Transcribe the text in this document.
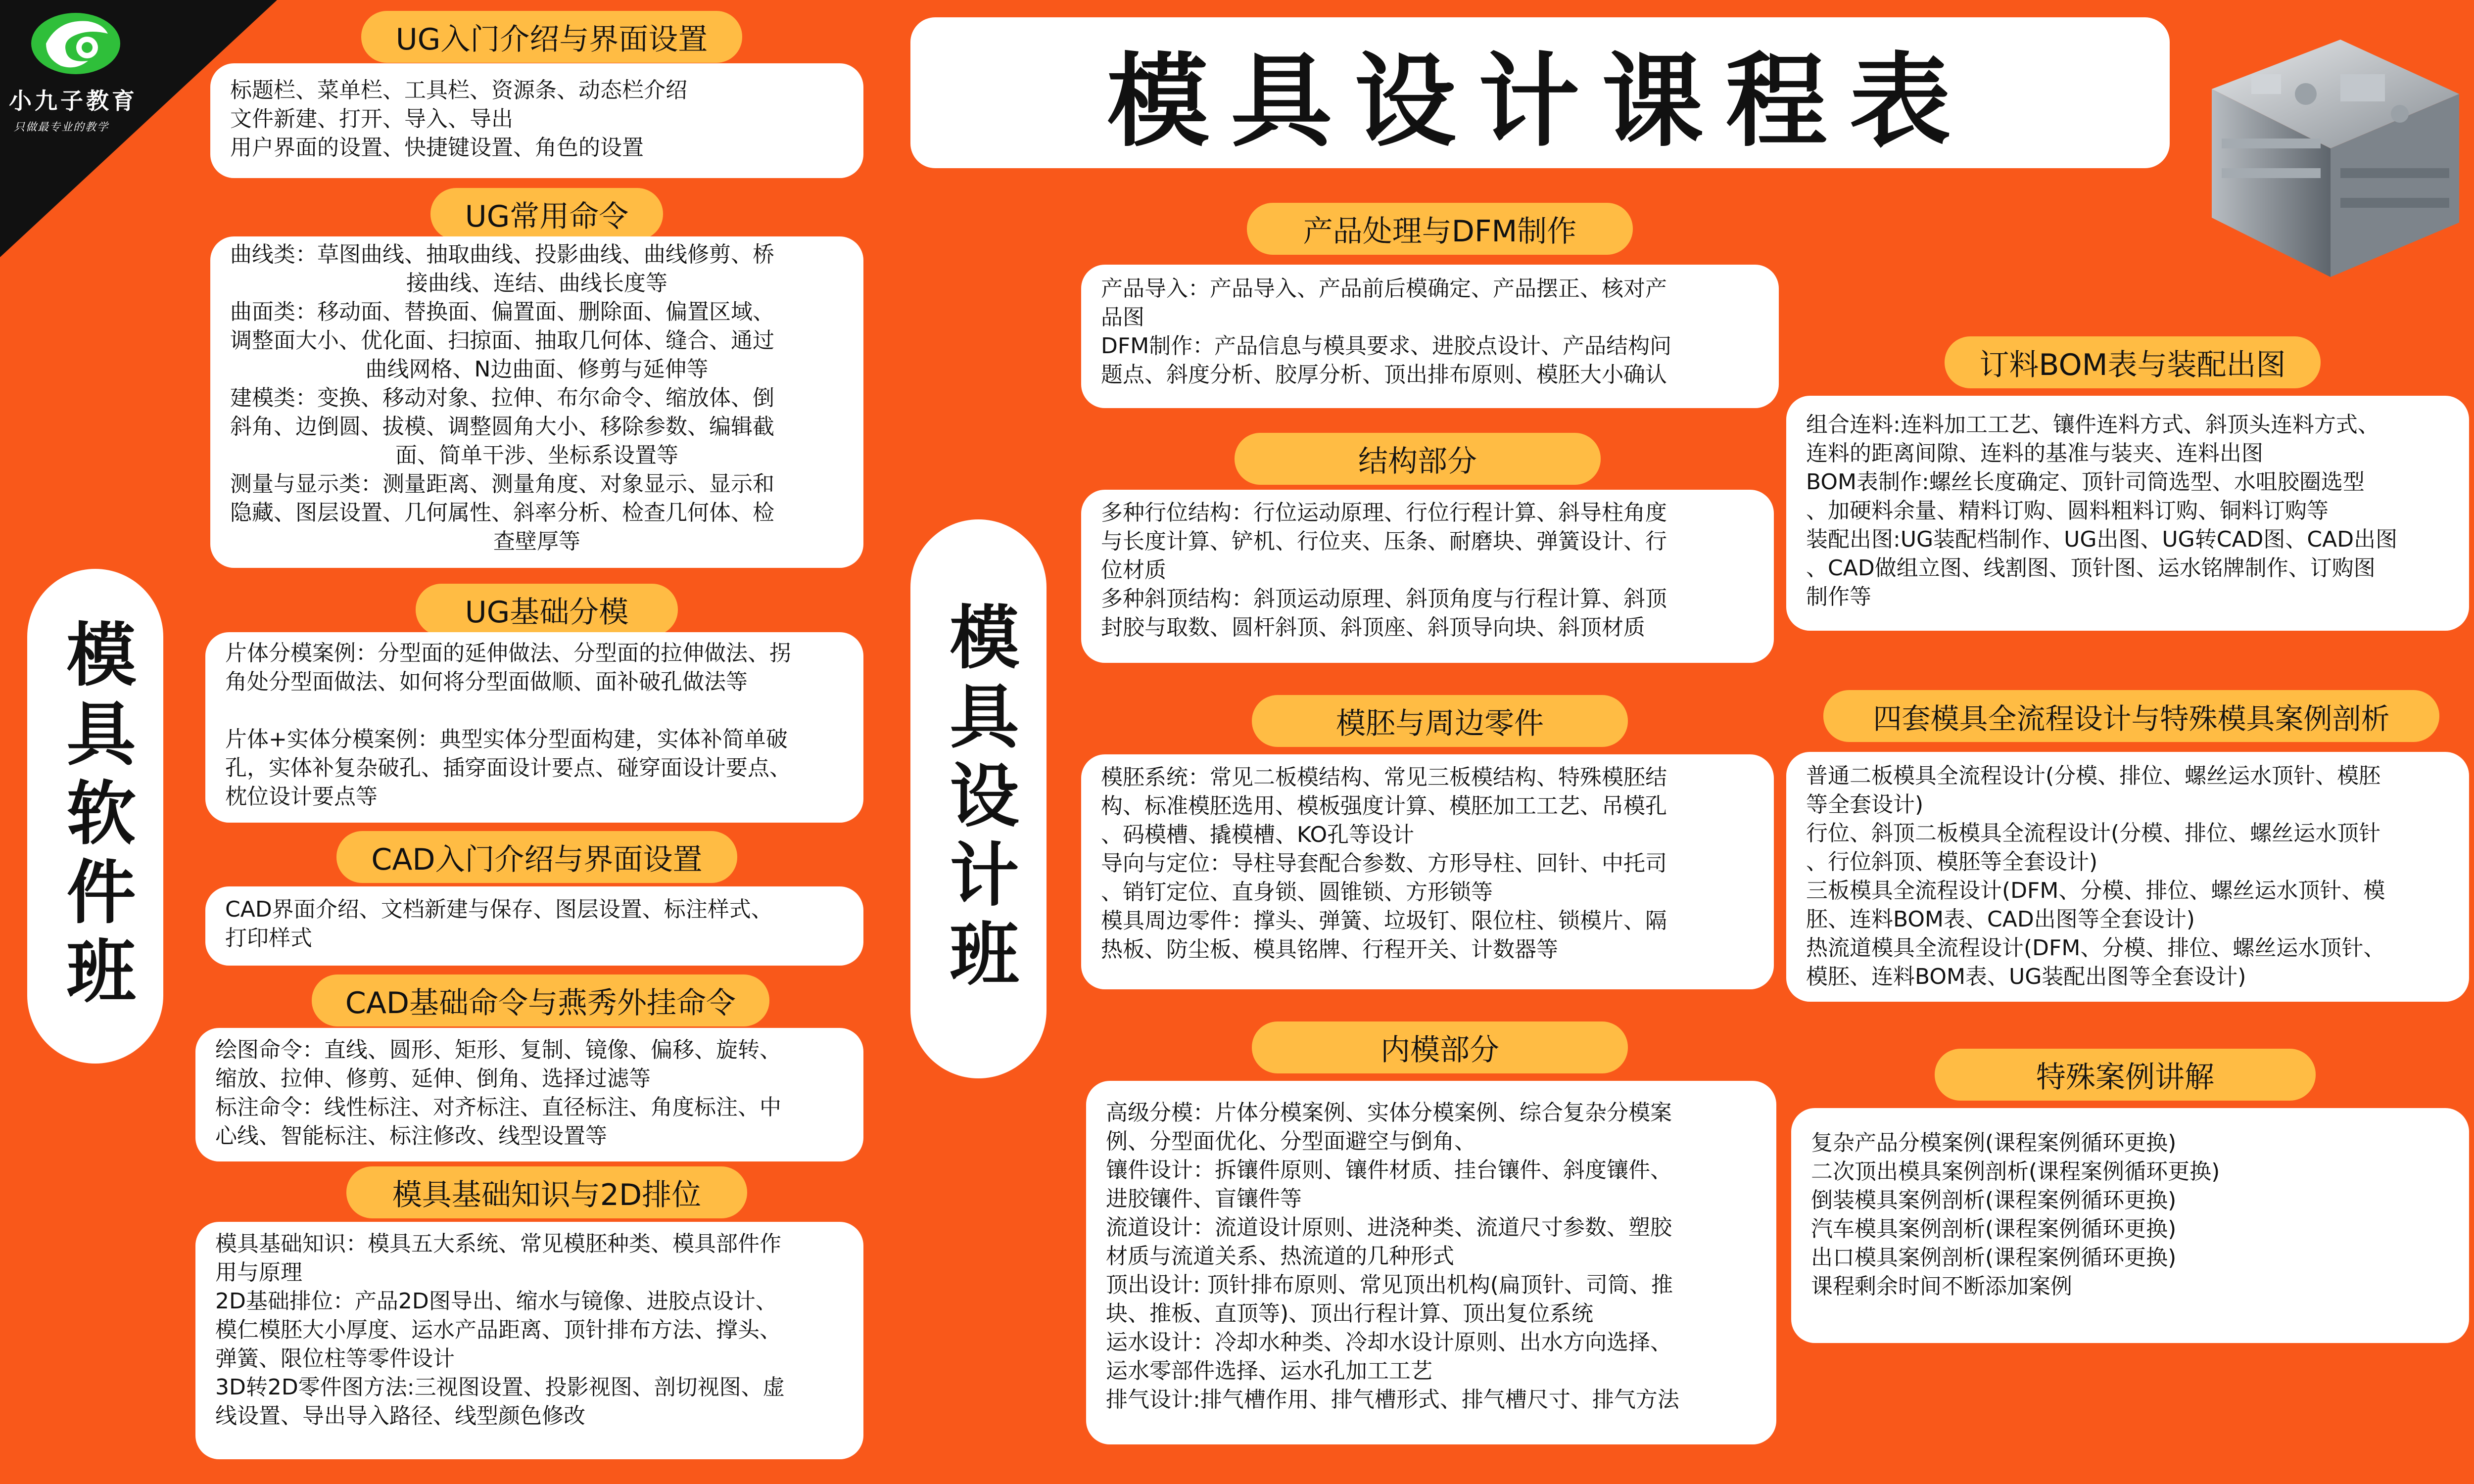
小九子教育
只做最专业的教学	模具设计课程表
模具软件班	模具设计班
UG入门介绍与界面设置
标题栏、菜单栏、工具栏、资源条、动态栏介绍
文件新建、打开、导入、导出
用户界面的设置、快捷键设置、角色的设置
UG常用命令
曲线类：草图曲线、抽取曲线、投影曲线、曲线修剪、桥
接曲线、连结、曲线长度等
曲面类：移动面、替换面、偏置面、删除面、偏置区域、
调整面大小、优化面、扫掠面、抽取几何体、缝合、通过
曲线网格、N边曲面、修剪与延伸等
建模类：变换、移动对象、拉伸、布尔命令、缩放体、倒
斜角、边倒圆、拔模、调整圆角大小、移除参数、编辑截
面、简单干涉、坐标系设置等
测量与显示类：测量距离、测量角度、对象显示、显示和
隐藏、图层设置、几何属性、斜率分析、检查几何体、检
查壁厚等
UG基础分模
片体分模案例：分型面的延伸做法、分型面的拉伸做法、拐
角处分型面做法、如何将分型面做顺、面补破孔做法等
片体+实体分模案例：典型实体分型面构建，实体补简单破
孔，实体补复杂破孔、插穿面设计要点、碰穿面设计要点、
枕位设计要点等
CAD入门介绍与界面设置
CAD界面介绍、文档新建与保存、图层设置、标注样式、
打印样式
CAD基础命令与燕秀外挂命令
绘图命令：直线、圆形、矩形、复制、镜像、偏移、旋转、
缩放、拉伸、修剪、延伸、倒角、选择过滤等
标注命令：线性标注、对齐标注、直径标注、角度标注、中
心线、智能标注、标注修改、线型设置等
模具基础知识与2D排位
模具基础知识：模具五大系统、常见模胚种类、模具部件作
用与原理
2D基础排位：产品2D图导出、缩水与镜像、进胶点设计、
模仁模胚大小厚度、运水产品距离、顶针排布方法、撑头、
弹簧、限位柱等零件设计
3D转2D零件图方法:三视图设置、投影视图、剖切视图、虚
线设置、导出导入路径、线型颜色修改
产品处理与DFM制作
产品导入：产品导入、产品前后模确定、产品摆正、核对产
品图
DFM制作：产品信息与模具要求、进胶点设计、产品结构问
题点、斜度分析、胶厚分析、顶出排布原则、模胚大小确认
结构部分
多种行位结构：行位运动原理、行位行程计算、斜导柱角度
与长度计算、铲机、行位夹、压条、耐磨块、弹簧设计、行
位材质
多种斜顶结构：斜顶运动原理、斜顶角度与行程计算、斜顶
封胶与取数、圆杆斜顶、斜顶座、斜顶导向块、斜顶材质
模胚与周边零件
模胚系统：常见二板模结构、常见三板模结构、特殊模胚结
构、标准模胚选用、模板强度计算、模胚加工工艺、吊模孔
、码模槽、撬模槽、KO孔等设计
导向与定位：导柱导套配合参数、方形导柱、回针、中托司
、销钉定位、直身锁、圆锥锁、方形锁等
模具周边零件：撑头、弹簧、垃圾钉、限位柱、锁模片、隔
热板、防尘板、模具铭牌、行程开关、计数器等
内模部分
高级分模：片体分模案例、实体分模案例、综合复杂分模案
例、分型面优化、分型面避空与倒角、
镶件设计：拆镶件原则、镶件材质、挂台镶件、斜度镶件、
进胶镶件、盲镶件等
流道设计：流道设计原则、进浇种类、流道尺寸参数、塑胶
材质与流道关系、热流道的几种形式
顶出设计: 顶针排布原则、常见顶出机构(扁顶针、司筒、推
块、推板、直顶等)、顶出行程计算、顶出复位系统
运水设计：冷却水种类、冷却水设计原则、出水方向选择、
运水零部件选择、运水孔加工工艺
排气设计:排气槽作用、排气槽形式、排气槽尺寸、排气方法
订料BOM表与装配出图
组合连料:连料加工工艺、镶件连料方式、斜顶头连料方式、
连料的距离间隙、连料的基准与装夹、连料出图
BOM表制作:螺丝长度确定、顶针司筒选型、水咀胶圈选型
、加硬料余量、精料订购、圆料粗料订购、铜料订购等
装配出图:UG装配档制作、UG出图、UG转CAD图、CAD出图
、CAD做组立图、线割图、顶针图、运水铭牌制作、订购图
制作等
四套模具全流程设计与特殊模具案例剖析
普通二板模具全流程设计(分模、排位、螺丝运水顶针、模胚
等全套设计)
行位、斜顶二板模具全流程设计(分模、排位、螺丝运水顶针
、行位斜顶、模胚等全套设计)
三板模具全流程设计(DFM、分模、排位、螺丝运水顶针、模
胚、连料BOM表、CAD出图等全套设计)
热流道模具全流程设计(DFM、分模、排位、螺丝运水顶针、
模胚、连料BOM表、UG装配出图等全套设计)
特殊案例讲解
复杂产品分模案例(课程案例循环更换)
二次顶出模具案例剖析(课程案例循环更换)
倒装模具案例剖析(课程案例循环更换)
汽车模具案例剖析(课程案例循环更换)
出口模具案例剖析(课程案例循环更换)
课程剩余时间不断添加案例
